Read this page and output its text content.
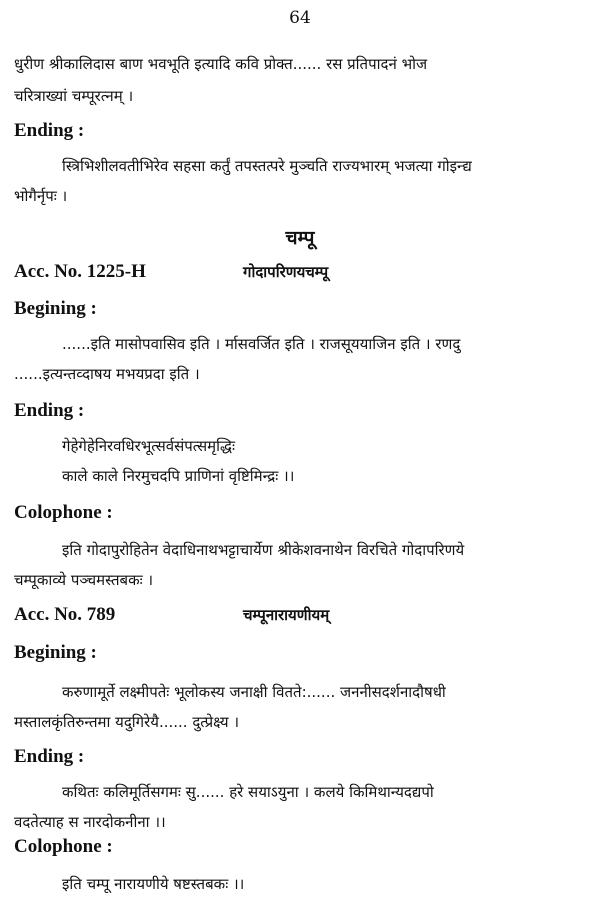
64
धुरीण श्रीकालिदास बाण भवभूति इत्यादि कवि प्रोक्त...... रस प्रतिपादनं भोज
चरित्राख्यां चम्पूरत्नम् ।
Ending :
स्त्रिभिशीलवतीभिरेव सहसा कर्तुं तपस्तत्परे मुञ्चति राज्यभारम् भजत्या गोइन्द्य
भोगैर्नृपः ।
चम्पू
Acc. No. 1225-H	गोदापरिणयचम्पू
Begining :
......इति मासोपवासिव इति । र्मासवर्जित इति । राजसूययाजिन इति । रणदु
......इत्यन्तव्दाषय मभयप्रदा इति ।
Ending :
गेहेगेहेनिरवधिरभूत्सर्वसंपत्समृद्धिः
काले काले निरमुचदपि प्राणिनां वृष्टिमिन्द्रः ।।
Colophone :
इति गोदापुरोहितेन वेदाधिनाथभट्टाचार्येण श्रीकेशवनाथेन विरचिते गोदापरिणये
चम्पूकाव्ये पञ्चमस्तबकः ।
Acc. No. 789	चम्पूनारायणीयम्
Begining :
करुणामूर्ते लक्ष्मीपतेः भूलोकस्य जनाक्षी वितते:...... जननीसदर्शनादौषधी
मस्तालकृंतिरुन्तमा यदुगिरेयै...... दुत्प्रेक्ष्य ।
Ending :
कथितः कलिमूर्तिसगमः सु...... हरे सयाऽयुना । कलये किमिथान्यदद्यपो
वदतेत्याह स नारदोकनीना ।।
Colophone :
इति चम्पू नारायणीये षष्टस्तबकः ।।
